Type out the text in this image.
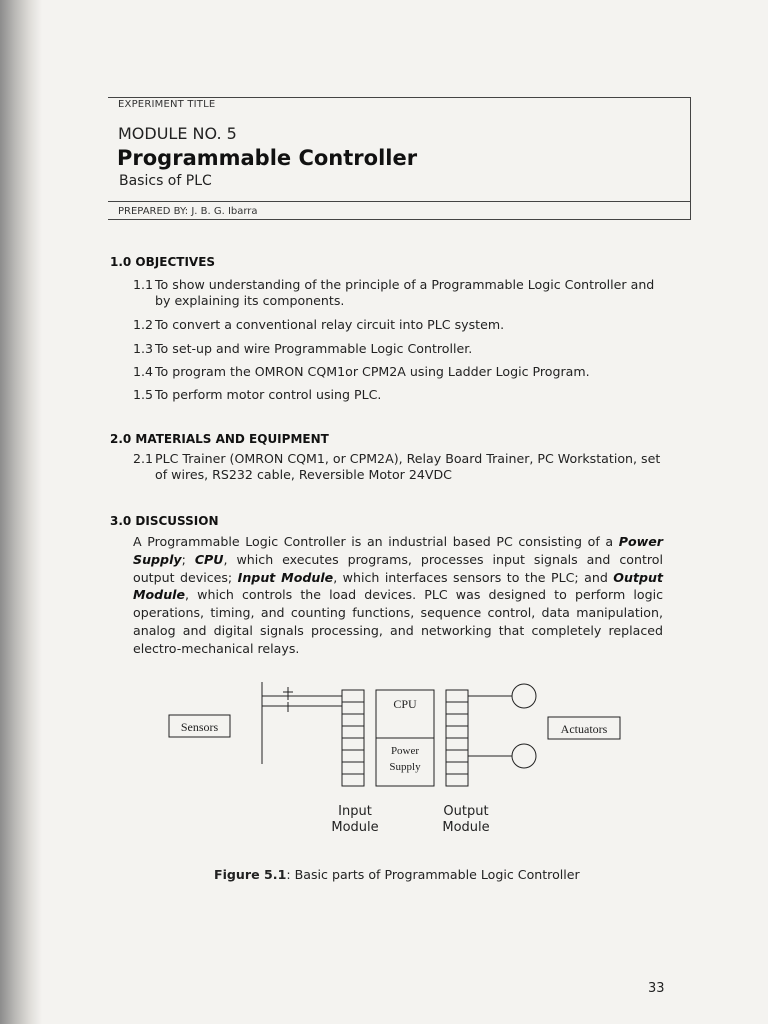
EXPERIMENT TITLE
MODULE NO. 5
Programmable Controller
Basics of PLC
PREPARED BY: J. B. G. Ibarra
1.0 OBJECTIVES
1.1 To show understanding of the principle of a Programmable Logic Controller and
by explaining its components.
1.2 To convert a conventional relay circuit into PLC system.
1.3 To set-up and wire Programmable Logic Controller.
1.4 To program the OMRON CQM1or CPM2A using Ladder Logic Program.
1.5 To perform motor control using PLC.
2.0 MATERIALS AND EQUIPMENT
2.1 PLC Trainer (OMRON CQM1, or CPM2A), Relay Board Trainer, PC Workstation, set
of wires, RS232 cable, Reversible Motor 24VDC
3.0 DISCUSSION
A Programmable Logic Controller is an industrial based PC consisting of a Power Supply; CPU, which executes programs, processes input signals and control output devices; Input Module, which interfaces sensors to the PLC; and Output Module, which controls the load devices. PLC was designed to perform logic operations, timing, and counting functions, sequence control, data manipulation, analog and digital signals processing, and networking that completely replaced electro-mechanical relays.
Sensors
CPU
Power
Supply
Actuators
Input
Module
Output
Module
Figure 5.1: Basic parts of Programmable Logic Controller
33
